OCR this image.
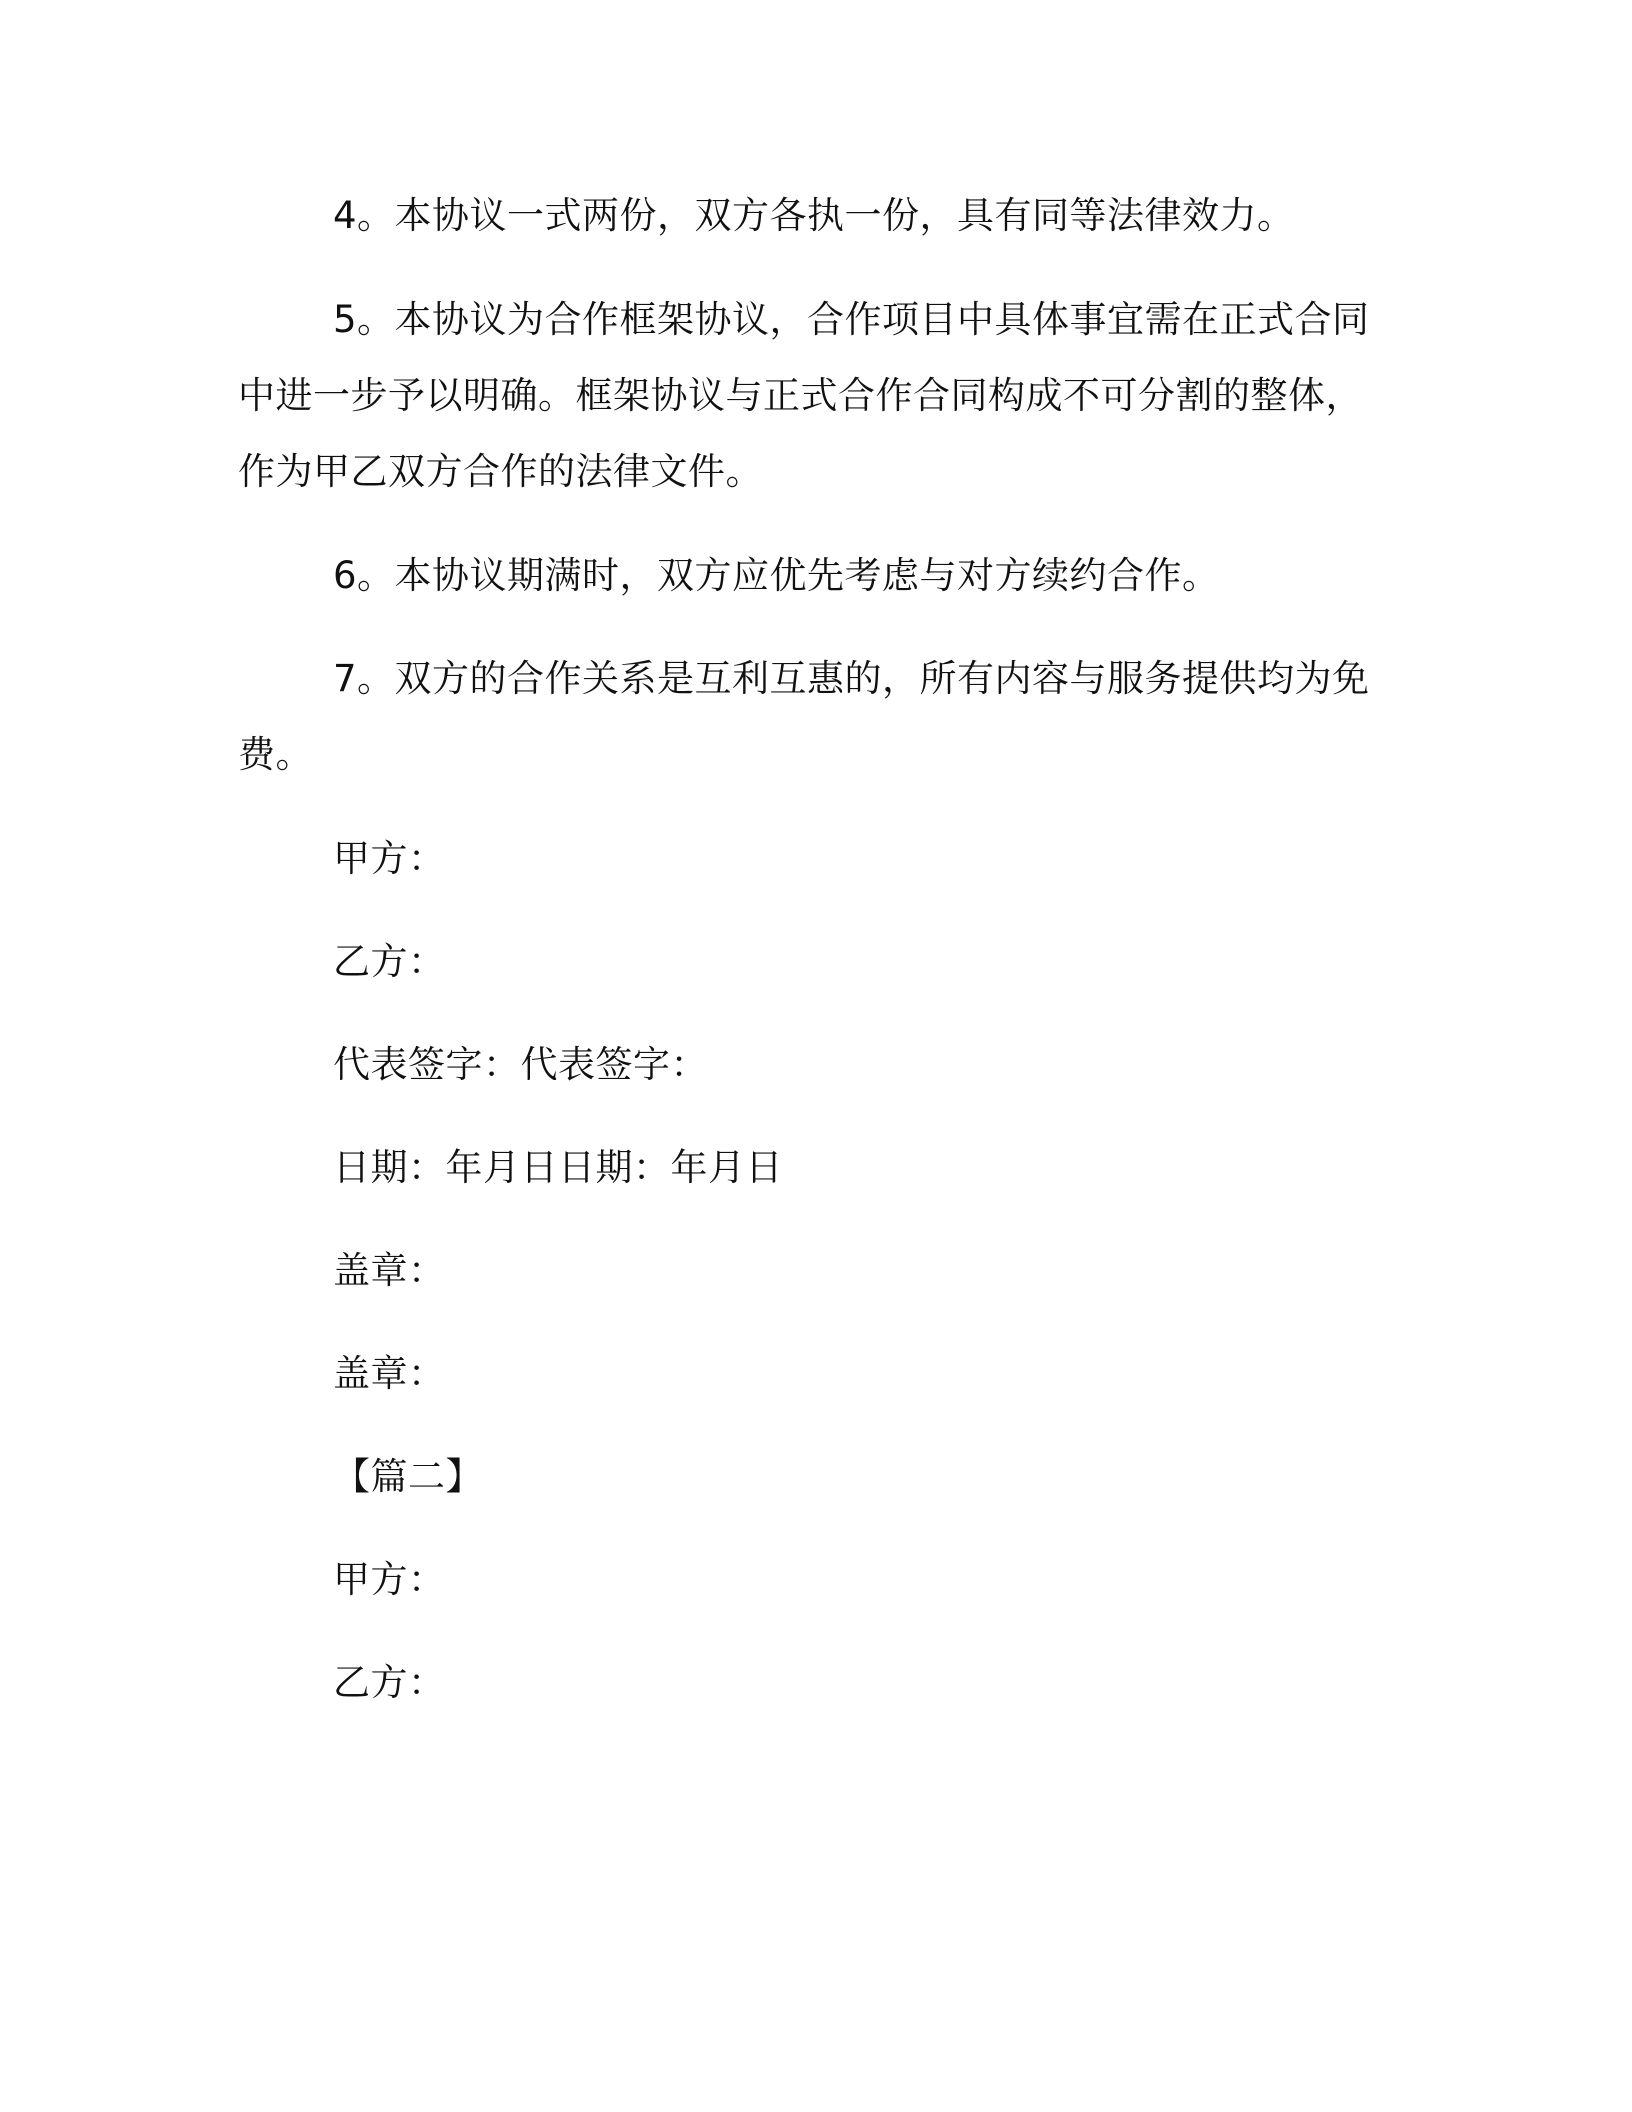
4。本协议一式两份，双方各执一份，具有同等法律效力。
5。本协议为合作框架协议，合作项目中具体事宜需在正式合同
中进一步予以明确。框架协议与正式合作合同构成不可分割的整体，
作为甲乙双方合作的法律文件。
6。本协议期满时，双方应优先考虑与对方续约合作。
7。双方的合作关系是互利互惠的，所有内容与服务提供均为免
费。
甲方：
乙方：
代表签字：代表签字：
日期：年月日日期：年月日
盖章：
盖章：
【篇二】
甲方：
乙方：
